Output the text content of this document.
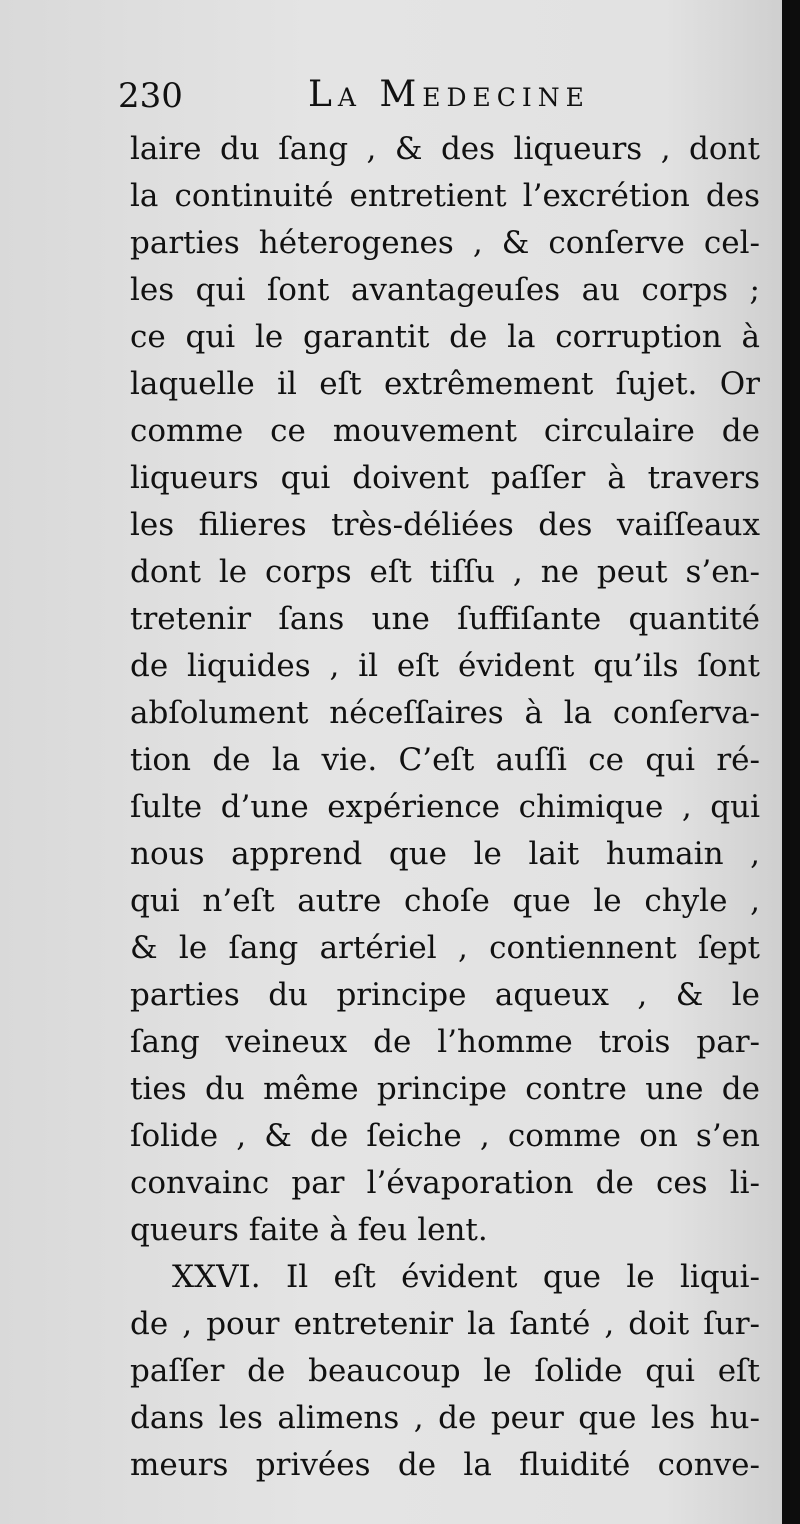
230	La Medecine
laire du ſang , & des liqueurs , dont
la continuité entretient l’excrétion des
parties héterogenes , & conſerve cel-
les qui ſont avantageuſes au corps ;
ce qui le garantit de la corruption à
laquelle il eſt extrêmement ſujet. Or
comme ce mouvement circulaire de
liqueurs qui doivent paſſer à travers
les filieres très-déliées des vaiſſeaux
dont le corps eſt tiſſu , ne peut s’en-
tretenir ſans une ſuffiſante quantité
de liquides , il eſt évident qu’ils ſont
abſolument néceſſaires à la conſerva-
tion de la vie. C’eſt auſſi ce qui ré-
ſulte d’une expérience chimique , qui
nous apprend que le lait humain ,
qui n’eſt autre choſe que le chyle ,
& le ſang artériel , contiennent ſept
parties du principe aqueux , & le
ſang veineux de l’homme trois par-
ties du même principe contre une de
ſolide , & de ſeiche , comme on s’en
convainc par l’évaporation de ces li-
queurs faite à feu lent.
XXVI. Il eſt évident que le liqui-
de , pour entretenir la ſanté , doit ſur-
paſſer de beaucoup le ſolide qui eſt
dans les alimens , de peur que les hu-
meurs privées de la fluidité conve-
